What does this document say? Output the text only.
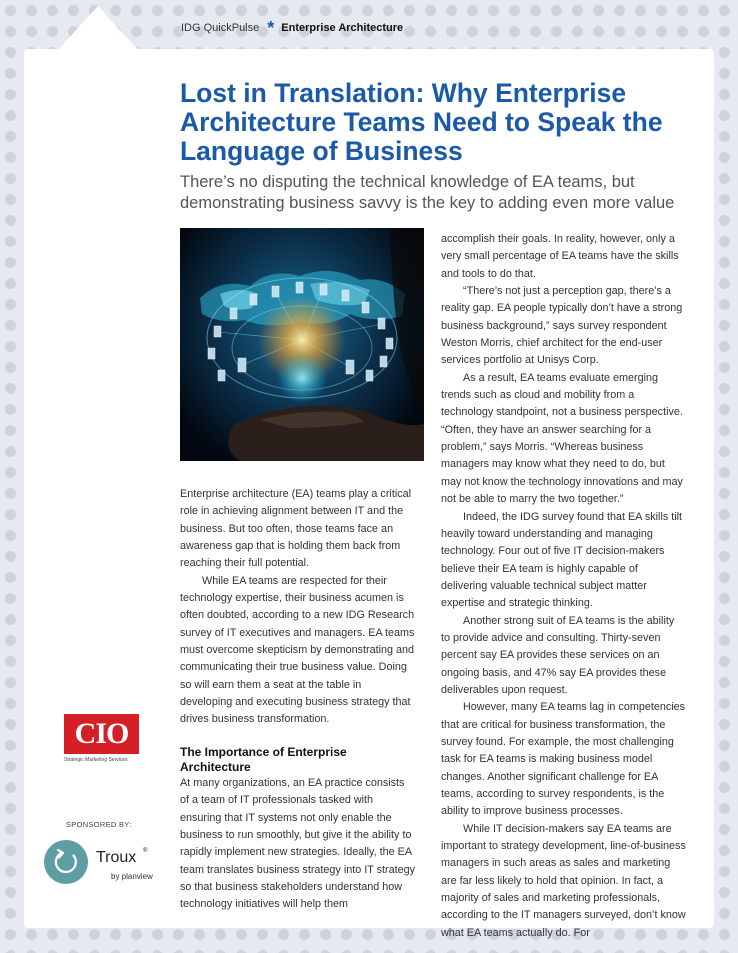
IDG QuickPulse * Enterprise Architecture
Lost in Translation: Why Enterprise Architecture Teams Need to Speak the Language of Business

There’s no disputing the technical knowledge of EA teams, but demonstrating business savvy is the key to adding even more value

Enterprise architecture (EA) teams play a critical role in achieving alignment between IT and the business. But too often, those teams face an awareness gap that is holding them back from reaching their full potential.

While EA teams are respected for their technology expertise, their business acumen is often doubted, according to a new IDG Research survey of IT executives and managers. EA teams must overcome skepticism by demonstrating and communicating their true business value. Doing so will earn them a seat at the table in developing and executing business strategy that drives business transformation.

The Importance of Enterprise Architecture

At many organizations, an EA practice consists of a team of IT professionals tasked with ensuring that IT systems not only enable the business to run smoothly, but give it the ability to rapidly implement new strategies. Ideally, the EA team translates business strategy into IT strategy so that business stakeholders understand how technology initiatives will help them

accomplish their goals. In reality, however, only a very small percentage of EA teams have the skills and tools to do that.

“There’s not just a perception gap, there’s a reality gap. EA people typically don’t have a strong business background,” says survey respondent Weston Morris, chief architect for the end-user services portfolio at Unisys Corp.

As a result, EA teams evaluate emerging trends such as cloud and mobility from a technology standpoint, not a business perspective. “Often, they have an answer searching for a problem,” says Morris. “Whereas business managers may know what they need to do, but may not know the technology innovations and may not be able to marry the two together.”

Indeed, the IDG survey found that EA skills tilt heavily toward understanding and managing technology. Four out of five IT decision-makers believe their EA team is highly capable of delivering valuable technical subject matter expertise and strategic thinking.

Another strong suit of EA teams is the ability to provide advice and consulting. Thirty-seven percent say EA provides these services on an ongoing basis, and 47% say EA provides these deliverables upon request.

However, many EA teams lag in competencies that are critical for business transformation, the survey found. For example, the most challenging task for EA teams is making business model changes. Another significant challenge for EA teams, according to survey respondents, is the ability to improve business processes.

While IT decision-makers say EA teams are important to strategy development, line-of-business managers in such areas as sales and marketing are far less likely to hold that opinion. In fact, a majority of sales and marketing professionals, according to the IT managers surveyed, don’t know what EA teams actually do. For

CIO
Strategic Marketing Services
SPONSORED BY:
Troux ®
by planview
